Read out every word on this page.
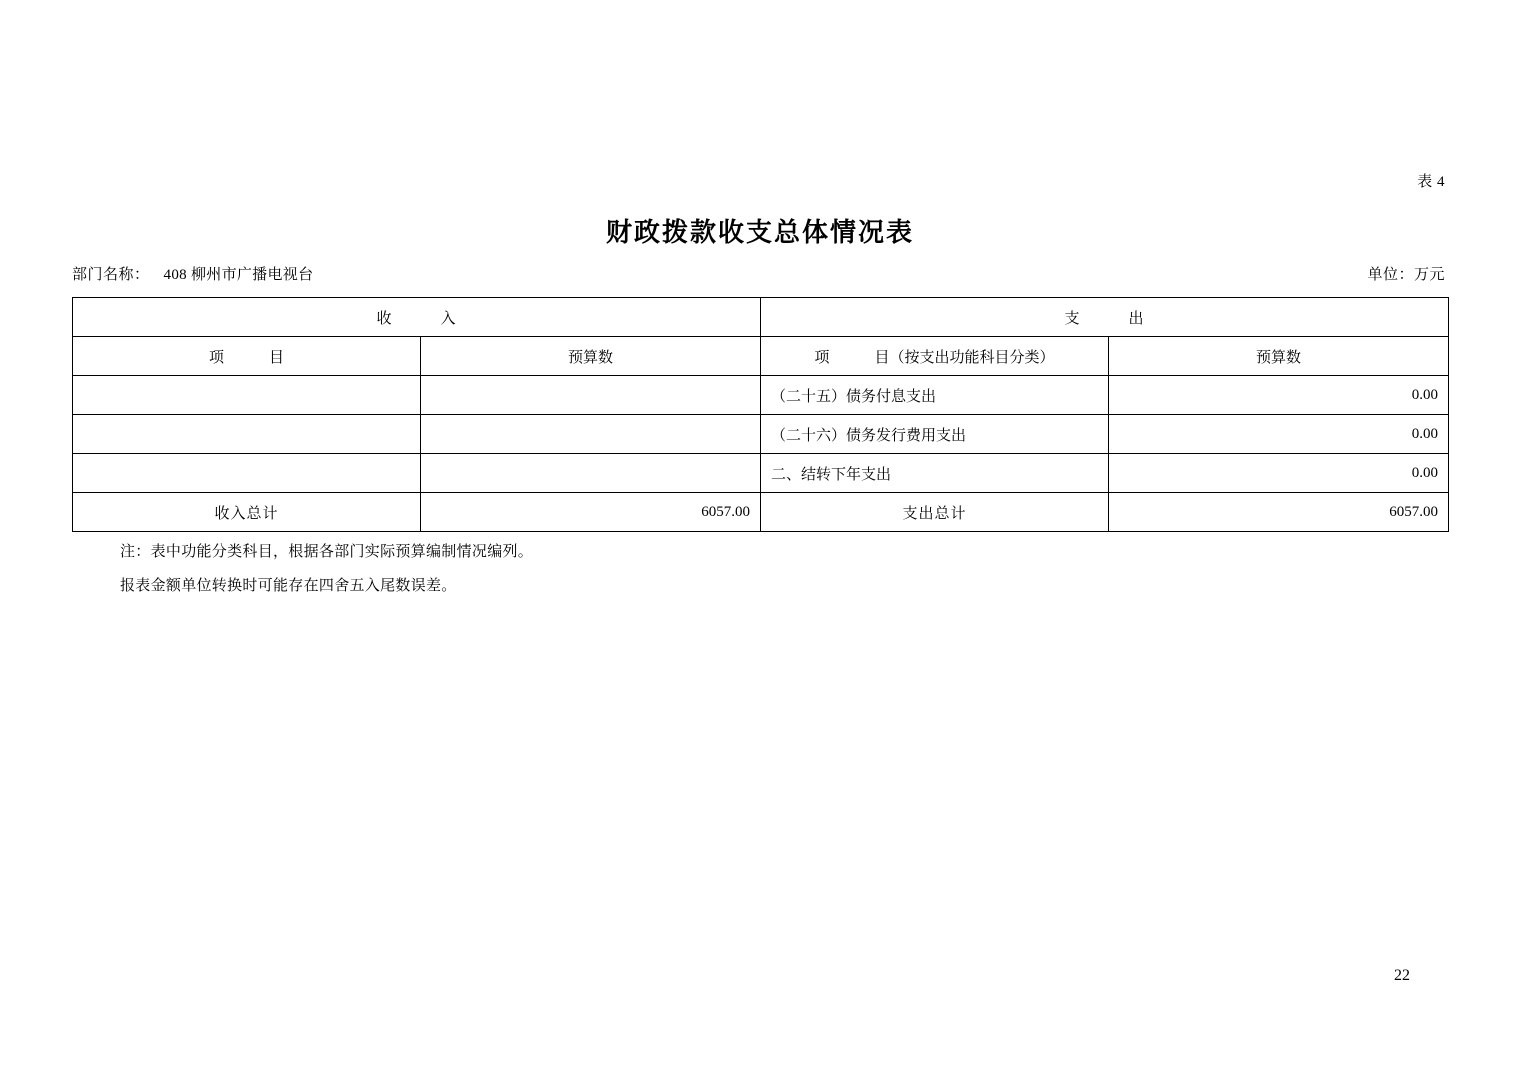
表 4
财政拨款收支总体情况表
部门名称： 408 柳州市广播电视台	单位：万元
收　　　入		支　　　出	
项　　　目	预算数	项　　　目（按支出功能科目分类）	预算数
		（二十五）债务付息支出	0.00
		（二十六）债务发行费用支出	0.00
		二、结转下年支出	0.00
收入总计	6057.00	支出总计	6057.00
注：表中功能分类科目，根据各部门实际预算编制情况编列。
报表金额单位转换时可能存在四舍五入尾数误差。
22
